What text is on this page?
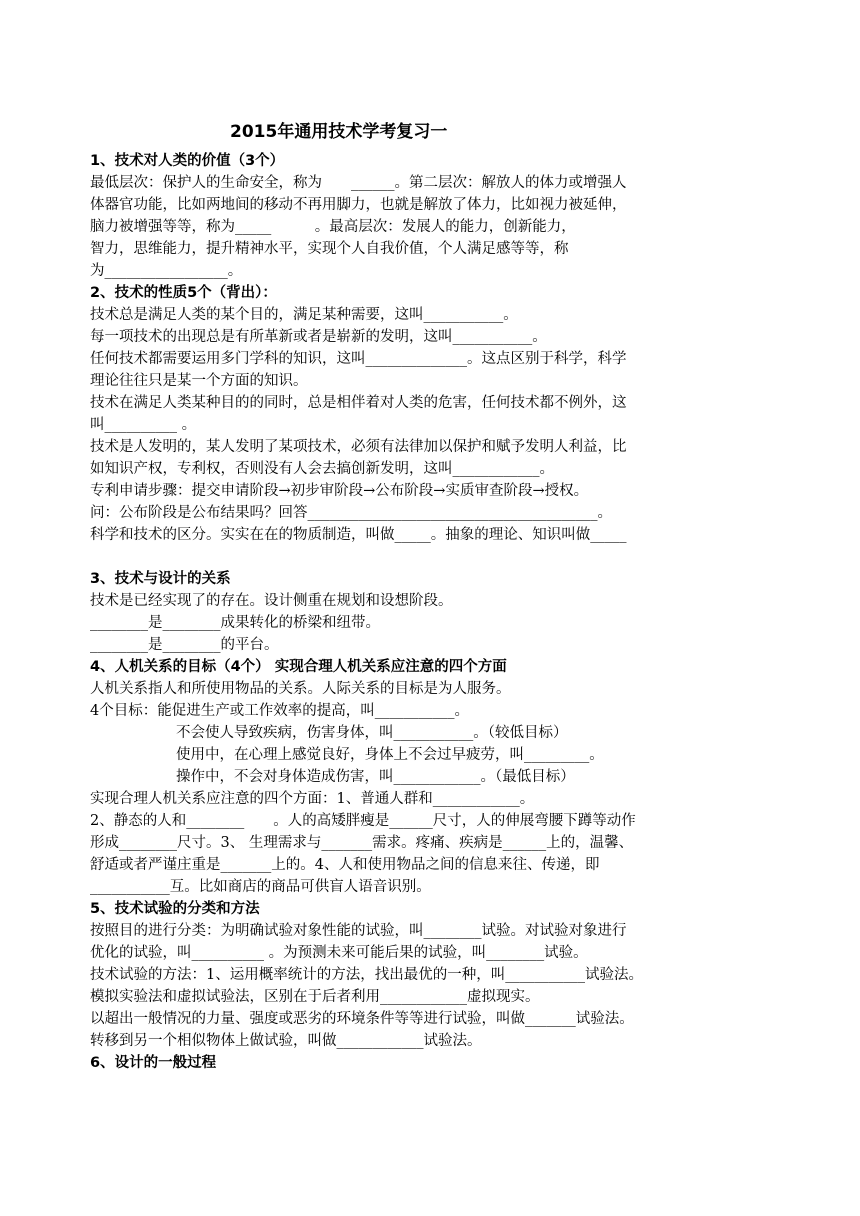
2015年通用技术学考复习一
1、技术对人类的价值（3个）
最低层次：保护人的生命安全，称为　　______。第二层次：解放人的体力或增强人
体器官功能，比如两地间的移动不再用脚力，也就是解放了体力，比如视力被延伸，
脑力被增强等等，称为_____　　　。最高层次：发展人的能力，创新能力，
智力，思维能力，提升精神水平，实现个人自我价值，个人满足感等等，称
为_________________。
2、技术的性质5个（背出）：
技术总是满足人类的某个目的，满足某种需要，这叫___________。
每一项技术的出现总是有所革新或者是崭新的发明，这叫___________。
任何技术都需要运用多门学科的知识，这叫______________。这点区别于科学，科学
理论往往只是某一个方面的知识。
技术在满足人类某种目的的同时，总是相伴着对人类的危害，任何技术都不例外，这
叫__________ 。
技术是人发明的，某人发明了某项技术，必须有法律加以保护和赋予发明人利益，比
如知识产权，专利权，否则没有人会去搞创新发明，这叫____________。
专利申请步骤：提交申请阶段→初步审阶段→公布阶段→实质审查阶段→授权。
问：公布阶段是公布结果吗？回答________________________________________。
科学和技术的区分。实实在在的物质制造，叫做_____。抽象的理论、知识叫做_____
3、技术与设计的关系
技术是已经实现了的存在。设计侧重在规划和设想阶段。
________是________成果转化的桥梁和纽带。
________是________的平台。
4、人机关系的目标（4个） 实现合理人机关系应注意的四个方面
人机关系指人和所使用物品的关系。人际关系的目标是为人服务。
4个目标：能促进生产或工作效率的提高，叫___________。
不会使人导致疾病，伤害身体，叫___________。（较低目标）
使用中，在心理上感觉良好，身体上不会过早疲劳，叫_________。
操作中，不会对身体造成伤害，叫____________。（最低目标）
实现合理人机关系应注意的四个方面：1、普通人群和____________。
2、静态的人和________　　。人的高矮胖瘦是______尺寸，人的伸展弯腰下蹲等动作
形成________尺寸。3、 生理需求与_______需求。疼痛、疾病是______上的，温馨、
舒适或者严谨庄重是_______上的。4、人和使用物品之间的信息来往、传递，即
___________互。比如商店的商品可供盲人语音识别。
5、技术试验的分类和方法
按照目的进行分类：为明确试验对象性能的试验，叫________试验。对试验对象进行
优化的试验，叫__________ 。为预测未来可能后果的试验，叫________试验。
技术试验的方法：1、运用概率统计的方法，找出最优的一种，叫___________试验法。
模拟实验法和虚拟试验法，区别在于后者利用____________虚拟现实。
以超出一般情况的力量、强度或恶劣的环境条件等等进行试验，叫做_______试验法。
转移到另一个相似物体上做试验，叫做____________试验法。
6、设计的一般过程
